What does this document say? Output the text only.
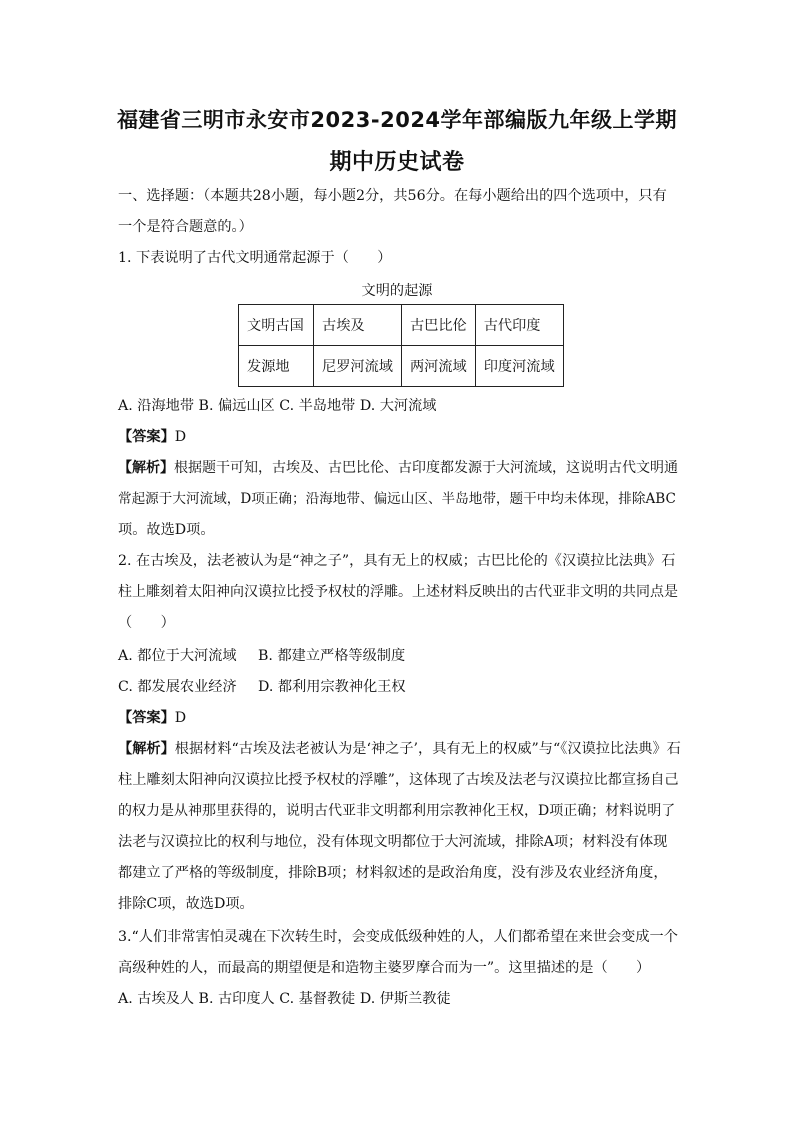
福建省三明市永安市2023-2024学年部编版九年级上学期
期中历史试卷
一、选择题：（本题共28小题，每小题2分，共56分。在每小题给出的四个选项中，只有
一个是符合题意的。）
1. 下表说明了古代文明通常起源于（　　）
文明的起源
文明古国	古埃及	古巴比伦	古代印度
发源地	尼罗河流域	两河流域	印度河流域
A. 沿海地带 B. 偏远山区 C. 半岛地带 D. 大河流域
【答案】D
【解析】根据题干可知，古埃及、古巴比伦、古印度都发源于大河流域，这说明古代文明通
常起源于大河流域，D项正确；沿海地带、偏远山区、半岛地带，题干中均未体现，排除ABC
项。故选D项。
2. 在古埃及，法老被认为是“神之子”，具有无上的权威；古巴比伦的《汉谟拉比法典》石
柱上雕刻着太阳神向汉谟拉比授予权杖的浮雕。上述材料反映出的古代亚非文明的共同点是
（　　）
A. 都位于大河流域 B. 都建立严格等级制度
C. 都发展农业经济 D. 都利用宗教神化王权
【答案】D
【解析】根据材料“古埃及法老被认为是‘神之子’，具有无上的权威”与“《汉谟拉比法典》石
柱上雕刻太阳神向汉谟拉比授予权杖的浮雕”，这体现了古埃及法老与汉谟拉比都宣扬自己
的权力是从神那里获得的，说明古代亚非文明都利用宗教神化王权，D项正确；材料说明了
法老与汉谟拉比的权利与地位，没有体现文明都位于大河流域，排除A项；材料没有体现
都建立了严格的等级制度，排除B项；材料叙述的是政治角度，没有涉及农业经济角度，
排除C项，故选D项。
3.“人们非常害怕灵魂在下次转生时，会变成低级种姓的人，人们都希望在来世会变成一个
高级种姓的人，而最高的期望便是和造物主婆罗摩合而为一”。这里描述的是（　　）
A. 古埃及人 B. 古印度人 C. 基督教徒 D. 伊斯兰教徒
